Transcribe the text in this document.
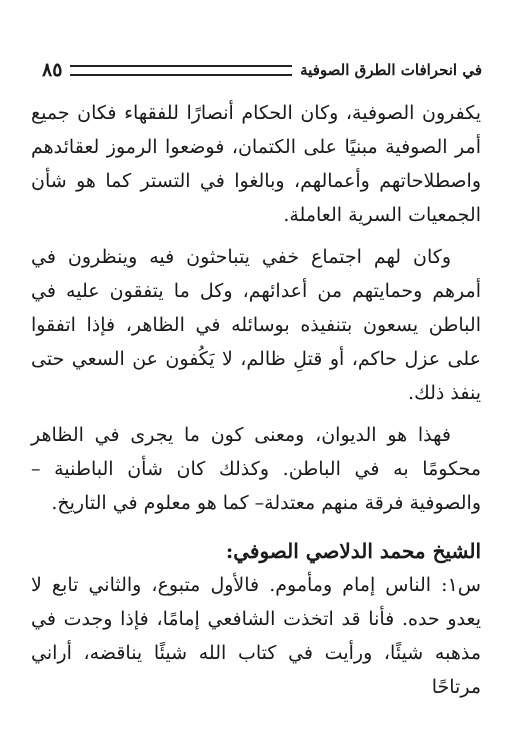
في انحرافات الطرق الصوفية
٨٥

يكفرون الصوفية، وكان الحكام أنصارًا للفقهاء فكان جميع أمر الصوفية مبنيًا على الكتمان، فوضعوا الرموز لعقائدهم واصطلاحاتهم وأعمالهم، وبالغوا في التستر كما هو شأن الجمعيات السرية العاملة.

وكان لهم اجتماع خفي يتباحثون فيه وينظرون في أمرهم وحمايتهم من أعدائهم، وكل ما يتفقون عليه في الباطن يسعون بتنفيذه بوسائله في الظاهر، فإذا اتفقوا على عزل حاكم، أو قتلِ ظالم، لا يَكُفون عن السعي حتى ينفذ ذلك.

فهذا هو الديوان، ومعنى كون ما يجرى في الظاهر محكومًا به في الباطن. وكذلك كان شأن الباطنية –والصوفية فرقة منهم معتدلة– كما هو معلوم في التاريخ.

الشيخ محمد الدلاصي الصوفي:

س١: الناس إمام ومأموم. فالأول متبوع، والثاني تابع لا يعدو حده. فأنا قد اتخذت الشافعي إمامًا، فإذا وجدت في مذهبه شيئًا، ورأيت في كتاب الله شيئًا يناقضه، أراني مرتاحًا
